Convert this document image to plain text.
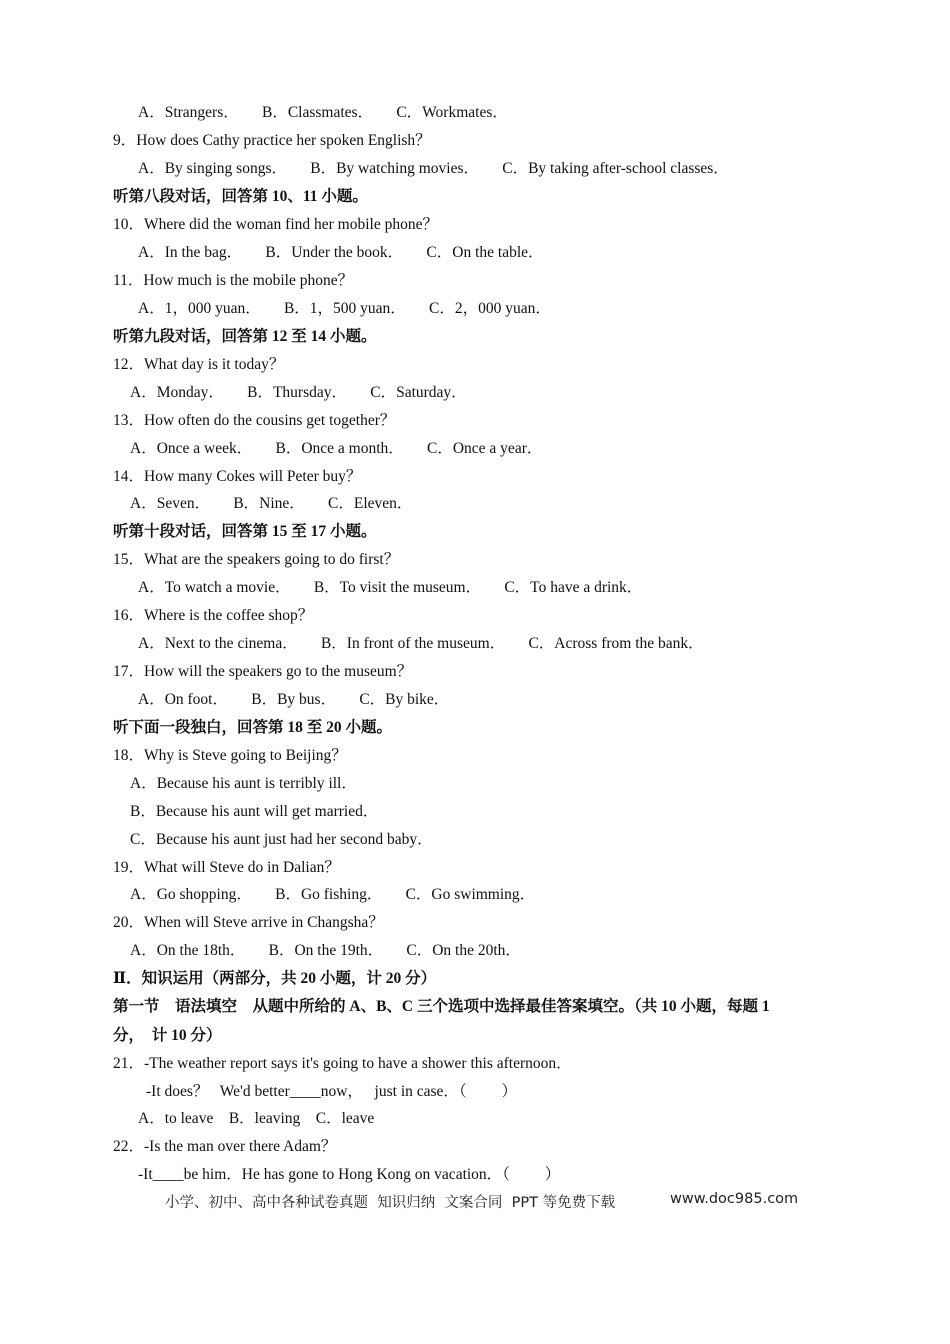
A．Strangers．      B．Classmates．      C．Workmates．
9．How does Cathy practice her spoken English？
A．By singing songs．      B．By watching movies．      C．By taking after-school classes．
听第八段对话，回答第 10、11 小题。
10．Where did the woman find her mobile phone？
A．In the bag．      B．Under the book．      C．On the table．
11．How much is the mobile phone？
A．1，000 yuan．      B．1，500 yuan．      C．2，000 yuan．
听第九段对话，回答第 12 至 14 小题。
12．What day is it today？
A．Monday．      B．Thursday．      C．Saturday．
13．How often do the cousins get together？
A．Once a week．      B．Once a month．      C．Once a year．
14．How many Cokes will Peter buy？
A．Seven．      B．Nine．      C．Eleven．
听第十段对话，回答第 15 至 17 小题。
15．What are the speakers going to do first？
A．To watch a movie．      B．To visit the museum．      C．To have a drink．
16．Where is the coffee shop？
A．Next to the cinema．      B．In front of the museum．      C．Across from the bank．
17．How will the speakers go to the museum？
A．On foot．      B．By bus．      C．By bike．
听下面一段独白，回答第 18 至 20 小题。
18．Why is Steve going to Beijing？
A．Because his aunt is terribly ill．
B．Because his aunt will get married．
C．Because his aunt just had her second baby．
19．What will Steve do in Dalian？
A．Go shopping．      B．Go fishing．      C．Go swimming．
20．When will Steve arrive in Changsha？
A．On the 18th．      B．On the 19th．      C．On the 20th．
Ⅱ．知识运用（两部分，共 20 小题，计 20 分）
第一节    语法填空    从题中所给的 A、B、C 三个选项中选择最佳答案填空。（共 10 小题，每题 1
分，  计 10 分）
21．-The weather report says it's going to have a shower this afternoon．
-It does？   We'd better____now，   just in case．（         ）
A．to leave    B．leaving    C．leave
22．-Is the man over there Adam？
-It____be him．He has gone to Hong Kong on vacation．（         ）
小学、初中、高中各种试卷真题  知识归纳  文案合同  PPT 等免费下载	www.doc985.com
